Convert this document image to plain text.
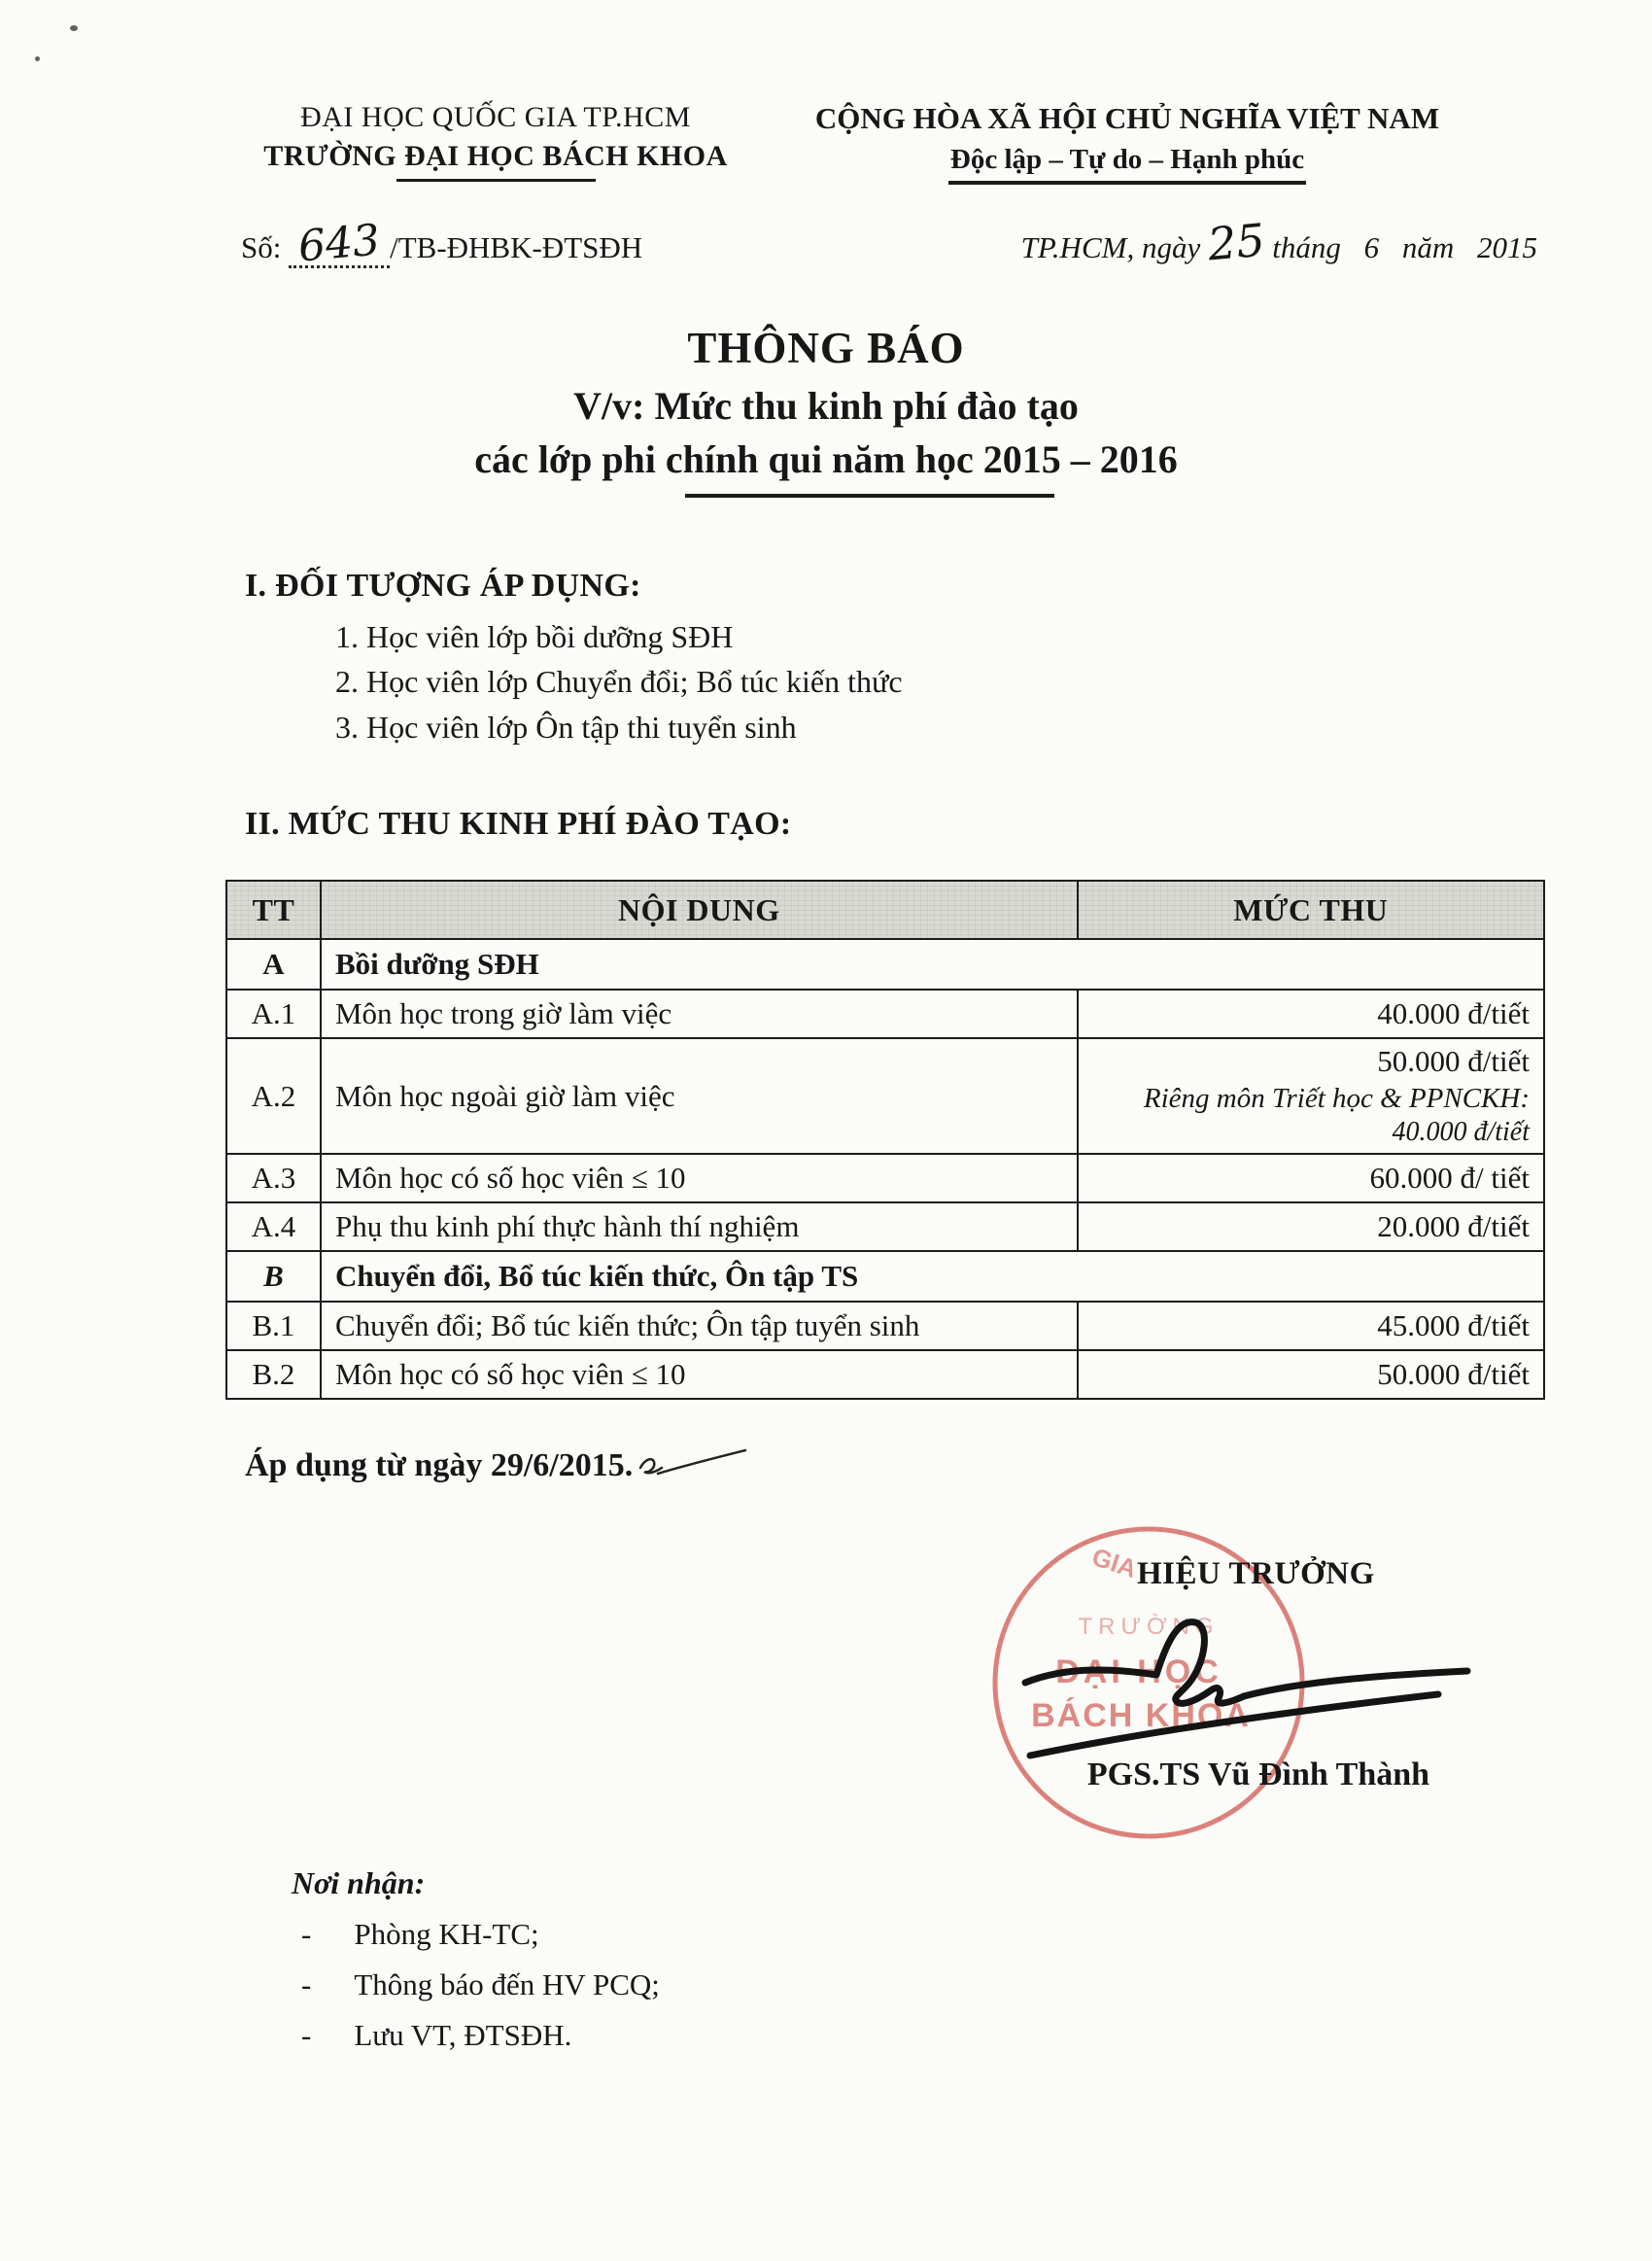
ĐẠI HỌC QUỐC GIA TP.HCM
TRƯỜNG ĐẠI HỌC BÁCH KHOA
CỘNG HÒA XÃ HỘI CHỦ NGHĨA VIỆT NAM
Độc lập – Tự do – Hạnh phúc
Số: 643 /TB-ĐHBK-ĐTSĐH	TP.HCM, ngày 25 tháng 6 năm 2015
THÔNG BÁO
V/v: Mức thu kinh phí đào tạo
các lớp phi chính qui năm học 2015 – 2016
I. ĐỐI TƯỢNG ÁP DỤNG:
1. Học viên lớp bồi dưỡng SĐH
2. Học viên lớp Chuyển đổi; Bổ túc kiến thức
3. Học viên lớp Ôn tập thi tuyển sinh
II. MỨC THU KINH PHÍ ĐÀO TẠO:
TT	NỘI DUNG	MỨC THU
A	Bồi dưỡng SĐH	
A.1	Môn học trong giờ làm việc	40.000 đ/tiết
A.2	Môn học ngoài giờ làm việc	50.000 đ/tiết
Riêng môn Triết học & PPNCKH:
40.000 đ/tiết

A.3	Môn học có số học viên ≤ 10	60.000 đ/ tiết
A.4	Phụ thu kinh phí thực hành thí nghiệm	20.000 đ/tiết
B	Chuyển đổi, Bổ túc kiến thức, Ôn tập TS	
B.1	Chuyển đổi; Bổ túc kiến thức; Ôn tập tuyển sinh	45.000 đ/tiết
B.2	Môn học có số học viên ≤ 10	50.000 đ/tiết
Áp dụng từ ngày 29/6/2015.
GIA
TRƯỜNG
ĐẠI HỌC
BÁCH KHOA
HIỆU TRƯỞNG
PGS.TS Vũ Đình Thành
Nơi nhận:
- Phòng KH-TC;
- Thông báo đến HV PCQ;
- Lưu VT, ĐTSĐH.
